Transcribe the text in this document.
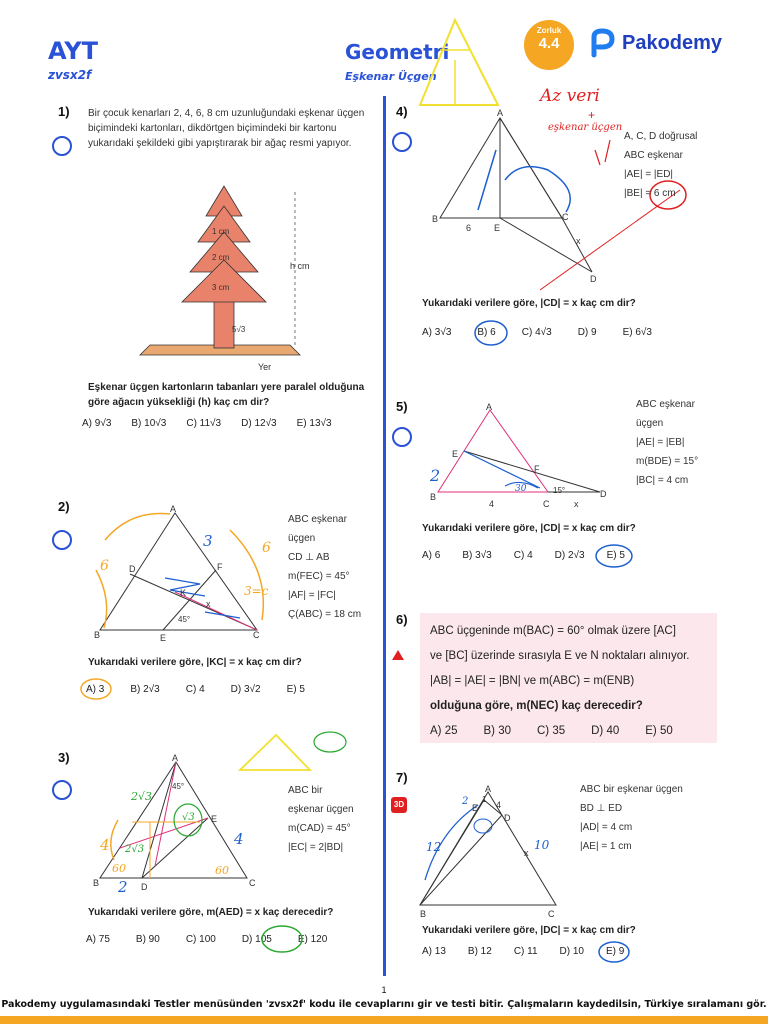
AYT
zvsx2f
Geometri
Eşkenar Üçgen
Zorluk
4.4	Pakodemy
1) Bir çocuk kenarları 2, 4, 6, 8 cm uzunluğundaki eşkenar üçgen biçimindeki kartonları, dikdörtgen biçimindeki bir kartonu yukarıdaki şekildeki gibi yapıştırarak bir ağaç resmi yapıyor.
1 cm
2 cm
3 cm
5√3
h cm
Yer
Eşkenar üçgen kartonların tabanları yere paralel olduğuna göre ağacın yüksekliği (h) kaç cm dir?
A) 9√3 B) 10√3 C) 11√3 D) 12√3 E) 13√3
2)	A
B	C
D
E
F
K
x
45°
6
3	6
3=c
ABC eşkenar
üçgen
CD ⊥ AB
m(FEC) = 45°
|AF| = |FC|
Ç(ABC) = 18 cm
Yukarıdaki verilere göre, |KC| = x kaç cm dir?
A) 3	B) 2√3	C) 4	D) 3√2	E) 5
3)	A
B	C
D
E
45°
2√3
4	4
60	60
2
2√3
√3
ABC bir
eşkenar üçgen
m(CAD) = 45°
|EC| = 2|BD|
Yukarıdaki verilere göre, m(AED) = x kaç derecedir?
A) 75	B) 90	C) 100	D) 105	E) 120
4)	A
B	C
D
E
6
x
Az veri
+
eşkenar üçgen
A, C, D doğrusal
ABC eşkenar
|AE| = |ED|
|BE| = 6 cm
Yukarıdaki verilere göre, |CD| = x kaç cm dir?
A) 3√3	B) 6	C) 4√3	D) 9	E) 6√3
5)	A
B
C
D
E
F
4	x
15°
2
30
ABC eşkenar
üçgen
|AE| = |EB|
m(BDE) = 15°
|BC| = 4 cm
Yukarıdaki verilere göre, |CD| = x kaç cm dir?
A) 6 B) 3√3 C) 4 D) 2√3 E) 5
6)
ABC üçgeninde m(BAC) = 60° olmak üzere [AC]
ve [BC] üzerinde sırasıyla E ve N noktaları alınıyor.
|AB| = |AE| = |BN| ve m(ABC) = m(ENB)
olduğuna göre, m(NEC) kaç derecedir?
A) 25 B) 30 C) 35 D) 40 E) 50
7)
3D
A
B	C
D
E
1
4
x
12	10
2
ABC bir eşkenar üçgen
BD ⊥ ED
|AD| = 4 cm
|AE| = 1 cm
Yukarıdaki verilere göre, |DC| = x kaç cm dir?
A) 13 B) 12 C) 11 D) 10 E) 9
1
Pakodemy uygulamasındaki Testler menüsünden 'zvsx2f' kodu ile cevaplarını gir ve testi bitir. Çalışmaların kaydedilsin, Türkiye sıralamanı gör.
